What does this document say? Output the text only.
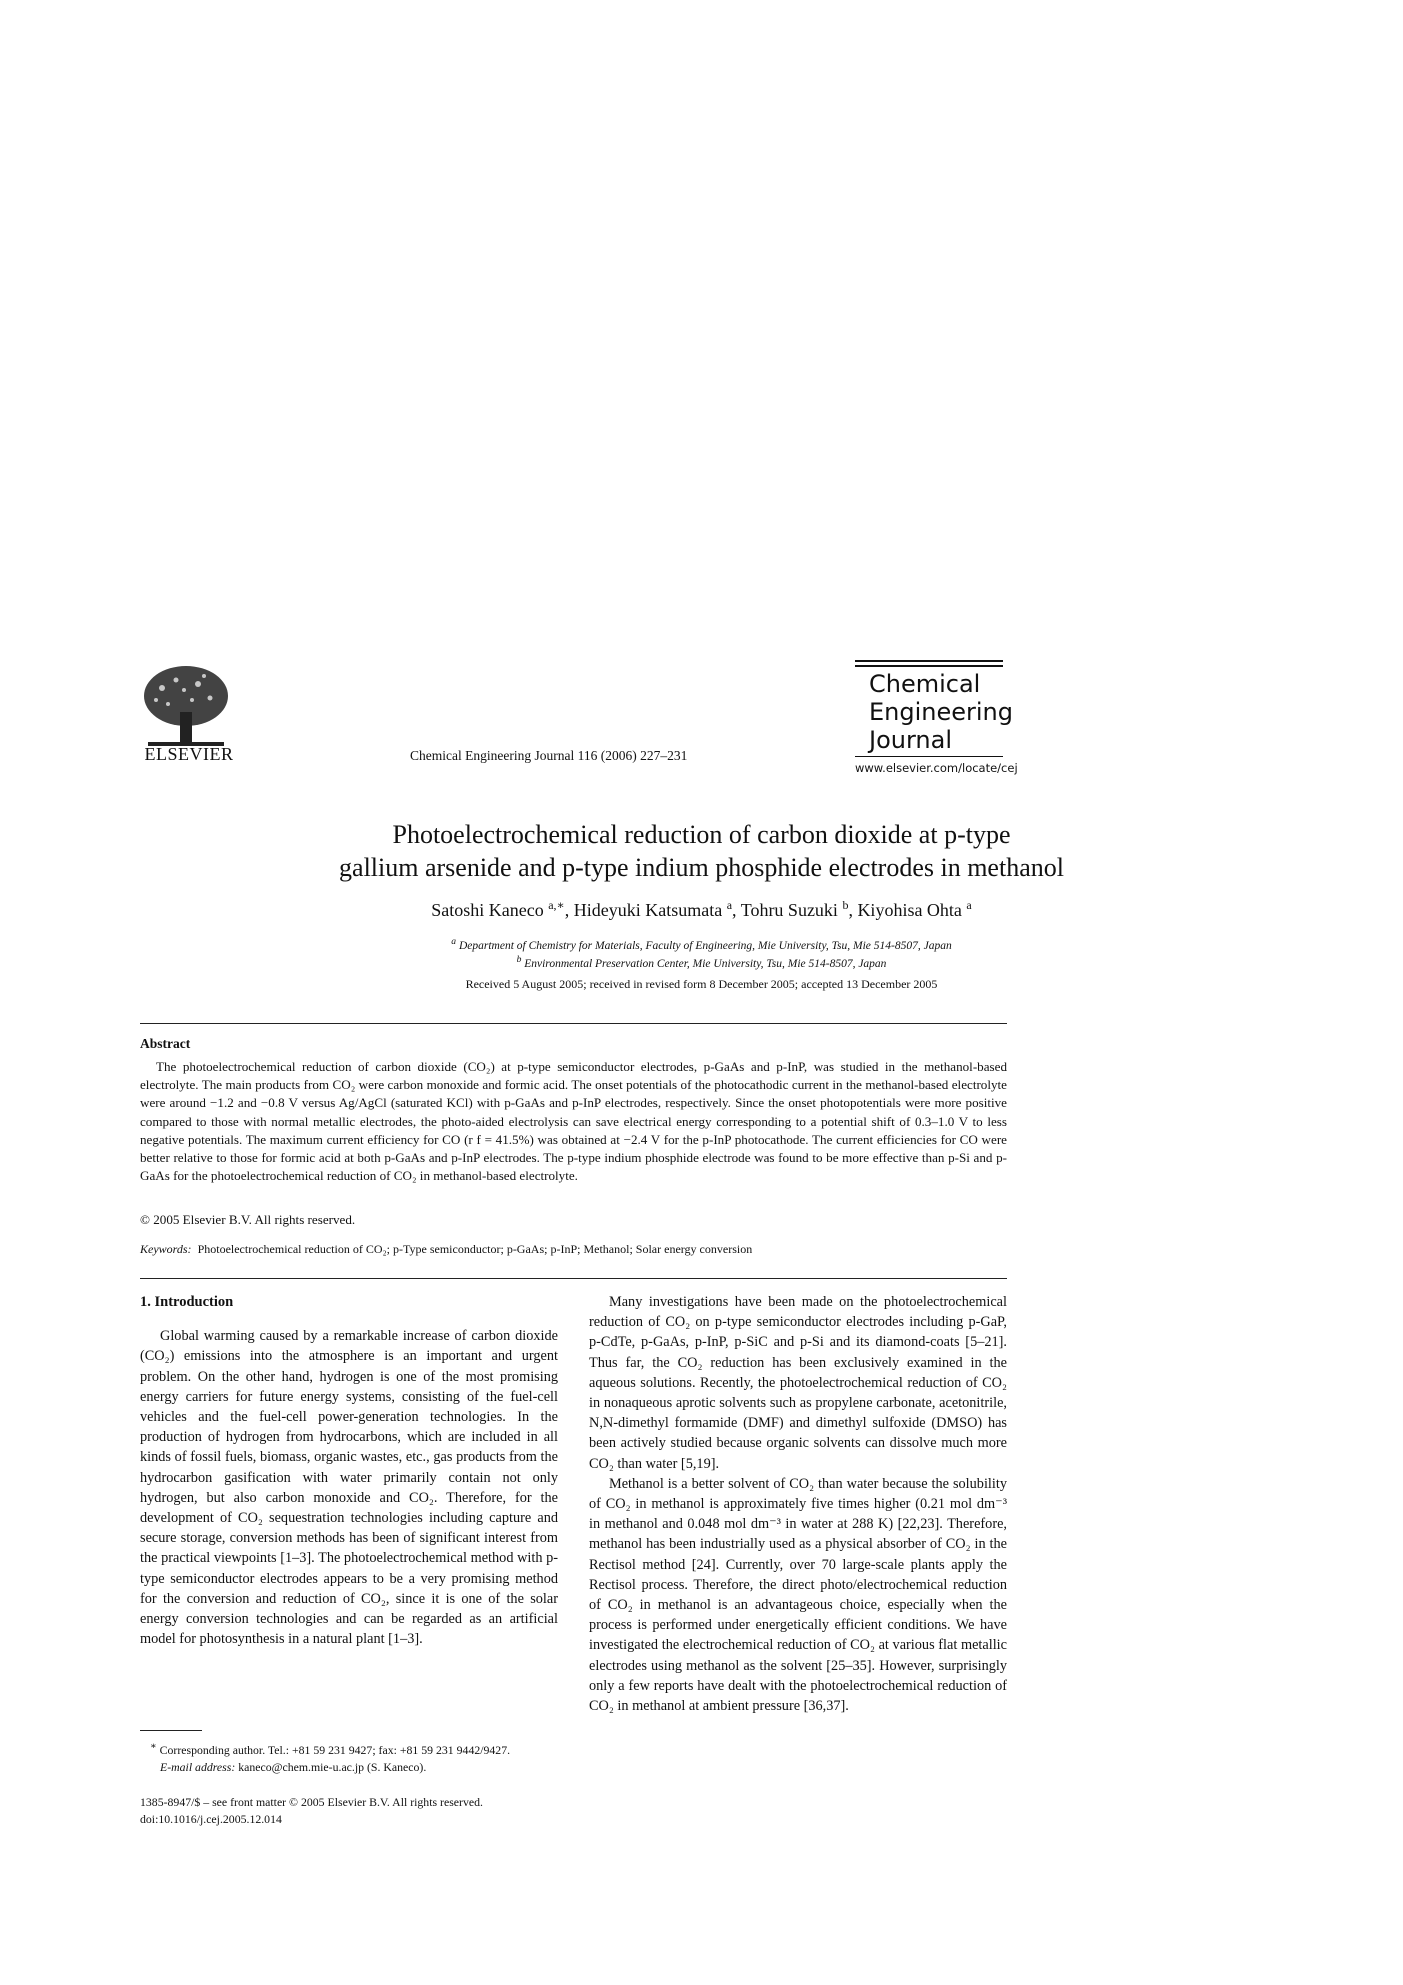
ELSEVIER	Chemical Engineering Journal 116 (2006) 227–231
Chemical
Engineering
Journal
www.elsevier.com/locate/cej
Photoelectrochemical reduction of carbon dioxide at p-type
gallium arsenide and p-type indium phosphide electrodes in methanol
Satoshi Kaneco $^{a,∗}$, Hideyuki Katsumata $^a$, Tohru Suzuki $^b$, Kiyohisa Ohta $^a$
$^a$ Department of Chemistry for Materials, Faculty of Engineering, Mie University, Tsu, Mie 514-8507, Japan
$^b$ Environmental Preservation Center, Mie University, Tsu, Mie 514-8507, Japan
Received 5 August 2005; received in revised form 8 December 2005; accepted 13 December 2005
Abstract
The photoelectrochemical reduction of carbon dioxide (CO₂) at p-type semiconductor electrodes, p-GaAs and p-InP, was studied in the methanol-based electrolyte. The main products from CO₂ were carbon monoxide and formic acid. The onset potentials of the photocathodic current in the methanol-based electrolyte were around −1.2 and −0.8 V versus Ag/AgCl (saturated KCl) with p-GaAs and p-InP electrodes, respectively. Since the onset photopotentials were more positive compared to those with normal metallic electrodes, the photo-aided electrolysis can save electrical energy corresponding to a potential shift of 0.3–1.0 V to less negative potentials. The maximum current efficiency for CO (r f = 41.5%) was obtained at −2.4 V for the p-InP photocathode. The current efficiencies for CO were better relative to those for formic acid at both p-GaAs and p-InP electrodes. The p-type indium phosphide electrode was found to be more effective than p-Si and p-GaAs for the photoelectrochemical reduction of CO₂ in methanol-based electrolyte.
© 2005 Elsevier B.V. All rights reserved.
Keywords: Photoelectrochemical reduction of CO₂; p-Type semiconductor; p-GaAs; p-InP; Methanol; Solar energy conversion
1. Introduction

Global warming caused by a remarkable increase of carbon dioxide (CO₂) emissions into the atmosphere is an important and urgent problem. On the other hand, hydrogen is one of the most promising energy carriers for future energy systems, consisting of the fuel-cell vehicles and the fuel-cell power-generation technologies. In the production of hydrogen from hydrocarbons, which are included in all kinds of fossil fuels, biomass, organic wastes, etc., gas products from the hydrocarbon gasification with water primarily contain not only hydrogen, but also carbon monoxide and CO₂. Therefore, for the development of CO₂ sequestration technologies including capture and secure storage, conversion methods has been of significant interest from the practical viewpoints [1–3]. The photoelectrochemical method with p-type semiconductor electrodes appears to be a very promising method for the conversion and reduction of CO₂, since it is one of the solar energy conversion technologies and can be regarded as an artificial model for photosynthesis in a natural plant [1–3].

Many investigations have been made on the photoelectrochemical reduction of CO₂ on p-type semiconductor electrodes including p-GaP, p-CdTe, p-GaAs, p-InP, p-SiC and p-Si and its diamond-coats [5–21]. Thus far, the CO₂ reduction has been exclusively examined in the aqueous solutions. Recently, the photoelectrochemical reduction of CO₂ in nonaqueous aprotic solvents such as propylene carbonate, acetonitrile, N,N-dimethyl formamide (DMF) and dimethyl sulfoxide (DMSO) has been actively studied because organic solvents can dissolve much more CO₂ than water [5,19].

Methanol is a better solvent of CO₂ than water because the solubility of CO₂ in methanol is approximately five times higher (0.21 mol dm⁻³ in methanol and 0.048 mol dm⁻³ in water at 288 K) [22,23]. Therefore, methanol has been industrially used as a physical absorber of CO₂ in the Rectisol method [24]. Currently, over 70 large-scale plants apply the Rectisol process. Therefore, the direct photo/electrochemical reduction of CO₂ in methanol is an advantageous choice, especially when the process is performed under energetically efficient conditions. We have investigated the electrochemical reduction of CO₂ at various flat metallic electrodes using methanol as the solvent [25–35]. However, surprisingly only a few reports have dealt with the photoelectrochemical reduction of CO₂ in methanol at ambient pressure [36,37].

∗ Corresponding author. Tel.: +81 59 231 9427; fax: +81 59 231 9442/9427.
E-mail address: kaneco@chem.mie-u.ac.jp (S. Kaneco).
1385-8947/$ – see front matter © 2005 Elsevier B.V. All rights reserved.
doi:10.1016/j.cej.2005.12.014
